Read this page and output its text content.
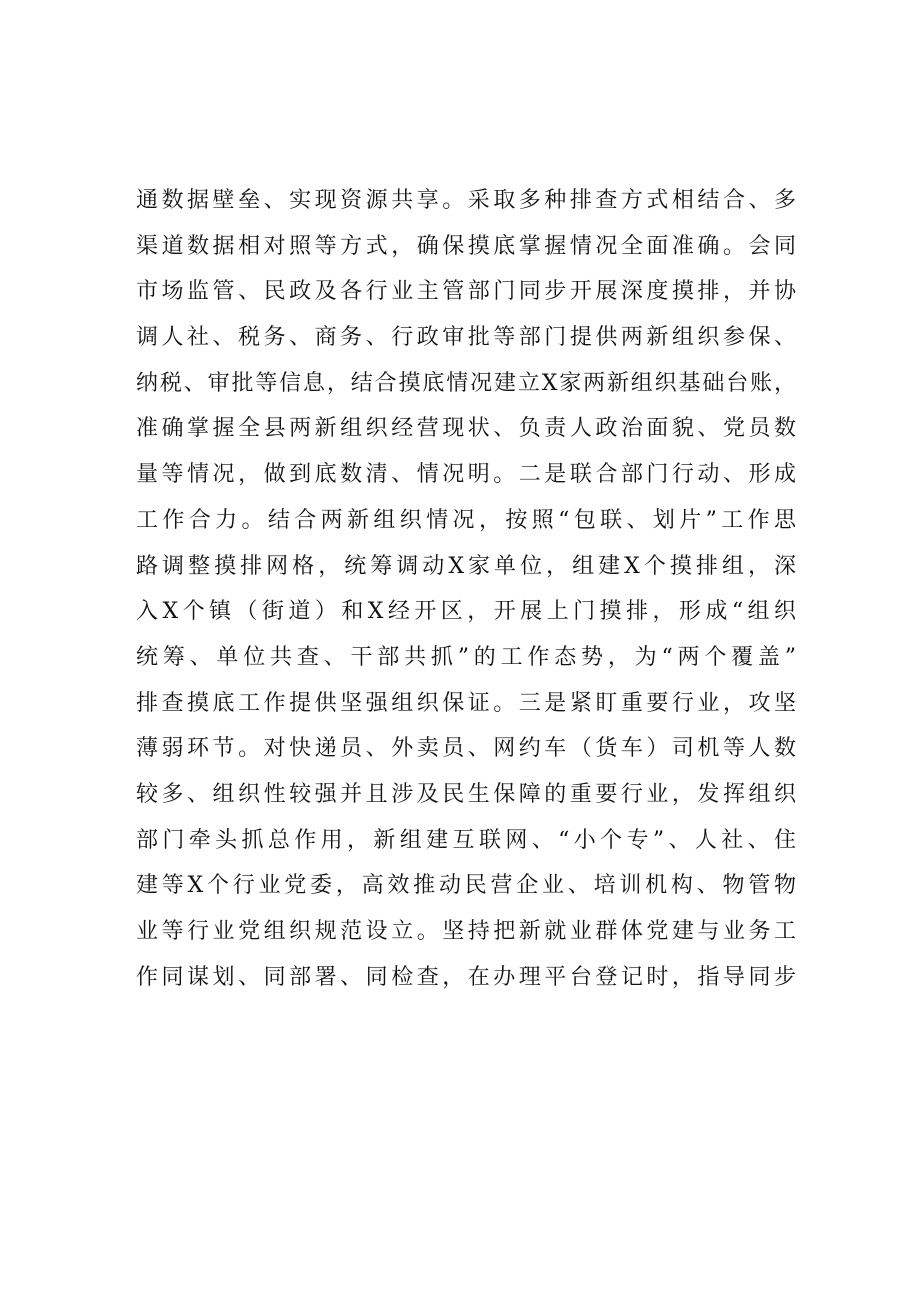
通数据壁垒、实现资源共享。采取多种排查方式相结合、多
渠道数据相对照等方式，确保摸底掌握情况全面准确。会同
市场监管、民政及各行业主管部门同步开展深度摸排，并协
调人社、税务、商务、行政审批等部门提供两新组织参保、
纳税、审批等信息，结合摸底情况建立X家两新组织基础台账，
准确掌握全县两新组织经营现状、负责人政治面貌、党员数
量等情况，做到底数清、情况明。二是联合部门行动、形成
工作合力。结合两新组织情况，按照“包联、划片”工作思
路调整摸排网格，统筹调动X家单位，组建X个摸排组，深
入X个镇（街道）和X经开区，开展上门摸排，形成“组织
统筹、单位共查、干部共抓”的工作态势，为“两个覆盖”
排查摸底工作提供坚强组织保证。三是紧盯重要行业，攻坚
薄弱环节。对快递员、外卖员、网约车（货车）司机等人数
较多、组织性较强并且涉及民生保障的重要行业，发挥组织
部门牵头抓总作用，新组建互联网、“小个专”、人社、住
建等X个行业党委，高效推动民营企业、培训机构、物管物
业等行业党组织规范设立。坚持把新就业群体党建与业务工
作同谋划、同部署、同检查，在办理平台登记时，指导同步
